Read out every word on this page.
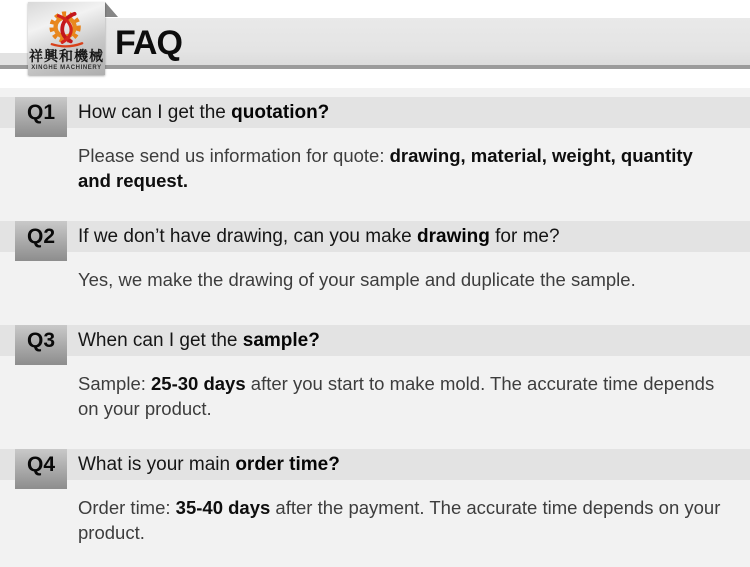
FAQ
祥興和機械
XINGHE MACHINERY
Q1	How can I get the quotation?

Please send us information for quote: drawing, material, weight, quantity and request.

Q2	If we don’t have drawing, can you make drawing for me?

Yes, we make the drawing of your sample and duplicate the sample.

Q3	When can I get the sample?

Sample: 25-30 days after you start to make mold. The accurate time depends on your product.

Q4	What is your main order time?

Order time: 35-40 days after the payment. The accurate time depends on your product.
